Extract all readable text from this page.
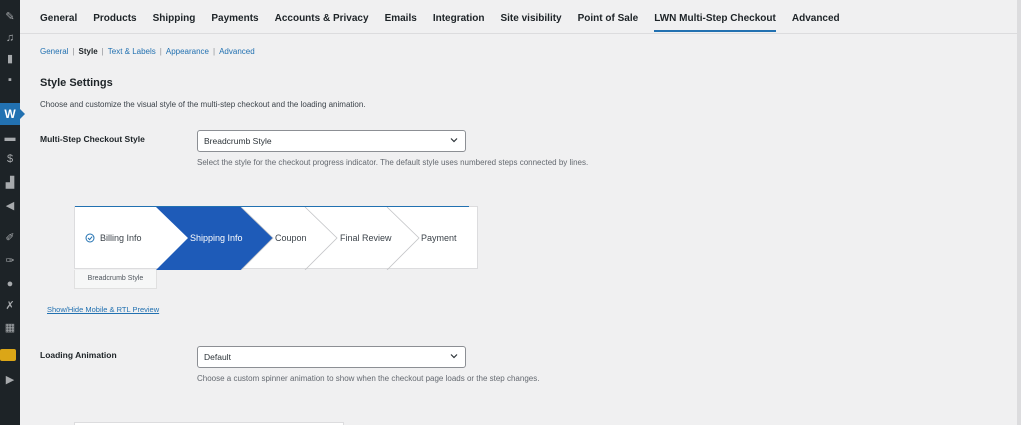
✎
♫
▮
▪
W
▬
$
▟
◀
✐
✑
●
✗
▦
▶
General Products Shipping Payments Accounts & Privacy Emails Integration Site visibility Point of Sale LWN Multi-Step Checkout Advanced
General | Style | Text & Labels | Appearance | Advanced
Style Settings
Choose and customize the visual style of the multi-step checkout and the loading animation.
Multi-Step Checkout Style	Breadcrumb Style
Select the style for the checkout progress indicator. The default style uses numbered steps connected by lines.
Billing Info	Shipping Info	Coupon	Final Review	Payment
Breadcrumb Style
Show/Hide Mobile & RTL Preview
Loading Animation	Default
Choose a custom spinner animation to show when the checkout page loads or the step changes.
